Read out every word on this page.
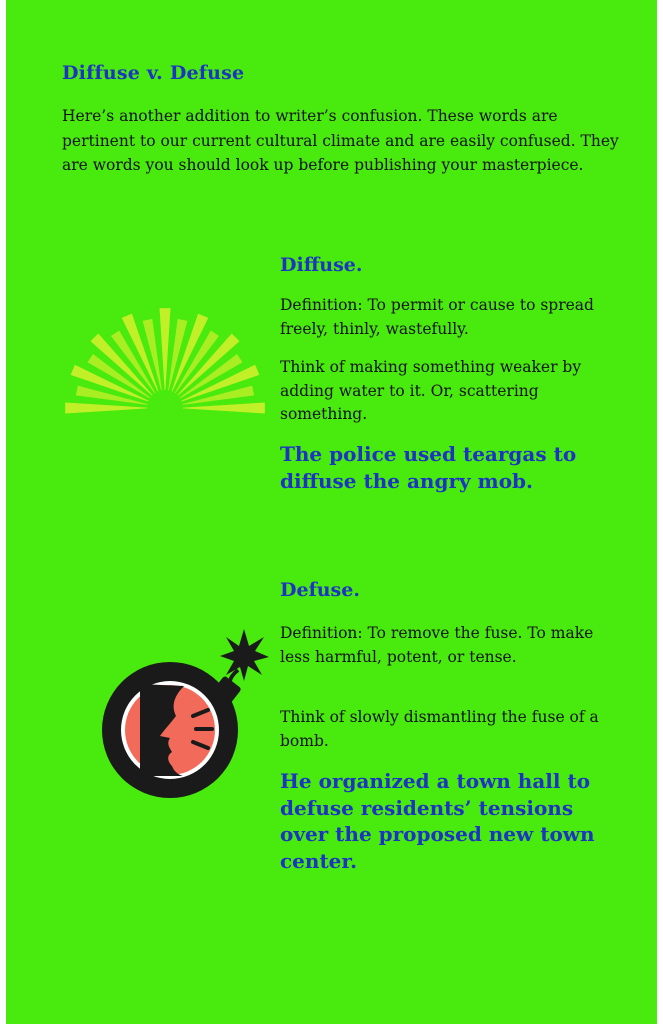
Diffuse v. Defuse

Here’s another addition to writer’s confusion. These words are pertinent to our current cultural climate and are easily confused. They are words you should look up before publishing your masterpiece.

Diffuse.

Definition: To permit or cause to spread freely, thinly, wastefully.

Think of making something weaker by adding water to it. Or, scattering something.

The police used teargas to diffuse the angry mob.

Defuse.

Definition: To remove the fuse. To make less harmful, potent, or tense.

Think of slowly dismantling the fuse of a bomb.

He organized a town hall to defuse residents’ tensions over the proposed new town center.
